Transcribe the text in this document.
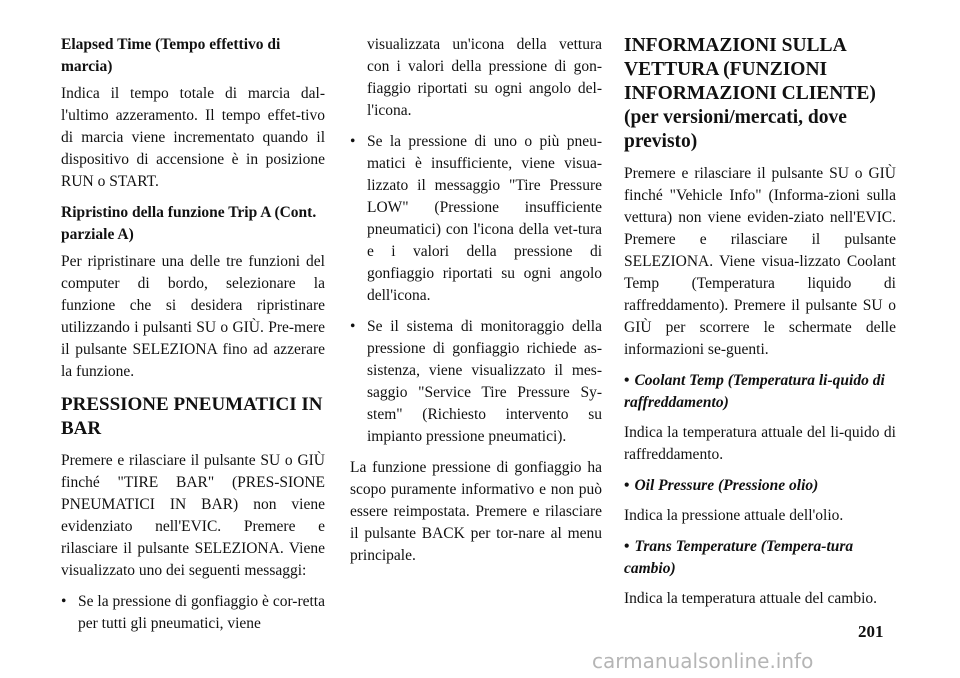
Elapsed Time (Tempo effettivo di marcia)

Indica il tempo totale di marcia dal-l'ultimo azzeramento. Il tempo effet-tivo di marcia viene incrementato quando il dispositivo di accensione è in posizione RUN o START.

Ripristino della funzione Trip A (Cont. parziale A)

Per ripristinare una delle tre funzioni del computer di bordo, selezionare la funzione che si desidera ripristinare utilizzando i pulsanti SU o GIÙ. Pre-mere il pulsante SELEZIONA fino ad azzerare la funzione.

PRESSIONE PNEUMATICI IN BAR

Premere e rilasciare il pulsante SU o GIÙ finché "TIRE BAR" (PRES-SIONE PNEUMATICI IN BAR) non viene evidenziato nell'EVIC. Premere e rilasciare il pulsante SELEZIONA. Viene visualizzato uno dei seguenti messaggi:

• Se la pressione di gonfiaggio è cor-retta per tutti gli pneumatici, viene
visualizzata un'icona della vettura con i valori della pressione di gon-fiaggio riportati su ogni angolo del-l'icona.
• Se la pressione di uno o più pneu-matici è insufficiente, viene visua-lizzato il messaggio "Tire Pressure LOW" (Pressione insufficiente pneumatici) con l'icona della vet-tura e i valori della pressione di gonfiaggio riportati su ogni angolo dell'icona.
• Se il sistema di monitoraggio della pressione di gonfiaggio richiede as-sistenza, viene visualizzato il mes-saggio "Service Tire Pressure Sy-stem" (Richiesto intervento su impianto pressione pneumatici).

La funzione pressione di gonfiaggio ha scopo puramente informativo e non può essere reimpostata. Premere e rilasciare il pulsante BACK per tor-nare al menu principale.

INFORMAZIONI SULLA VETTURA (FUNZIONI INFORMAZIONI CLIENTE) (per versioni/mercati, dove previsto)

Premere e rilasciare il pulsante SU o GIÙ finché "Vehicle Info" (Informa-zioni sulla vettura) non viene eviden-ziato nell'EVIC. Premere e rilasciare il pulsante SELEZIONA. Viene visua-lizzato Coolant Temp (Temperatura liquido di raffreddamento). Premere il pulsante SU o GIÙ per scorrere le schermate delle informazioni se-guenti.

• Coolant Temp (Temperatura li-quido di raffreddamento)

Indica la temperatura attuale del li-quido di raffreddamento.

• Oil Pressure (Pressione olio)

Indica la pressione attuale dell'olio.

• Trans Temperature (Tempera-tura cambio)

Indica la temperatura attuale del cambio.

201
carmanualsonline.info
